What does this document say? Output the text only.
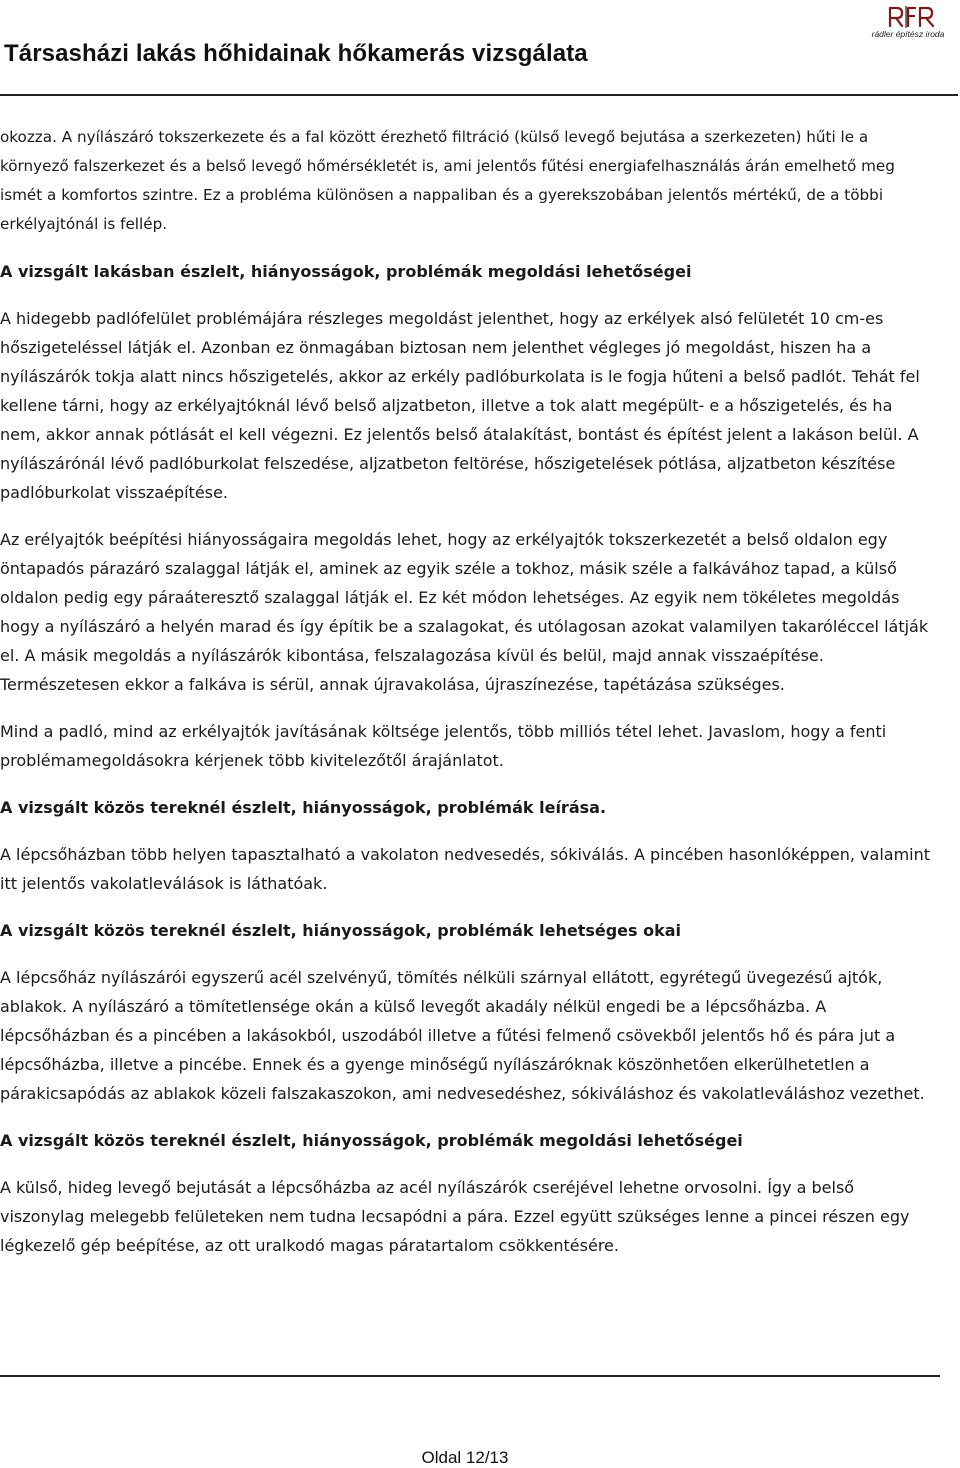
Társasházi lakás hőhidainak hőkamerás vizsgálata
rádler építész iroda

okozza. A nyílászáró tokszerkezete és a fal között érezhető filtráció (külső levegő bejutása a szerkezeten) hűti le a környező falszerkezet és a belső levegő hőmérsékletét is, ami jelentős fűtési energiafelhasználás árán emelhető meg ismét a komfortos szintre. Ez a probléma különösen a nappaliban és a gyerekszobában jelentős mértékű, de a többi erkélyajtónál is fellép.

A vizsgált lakásban észlelt, hiányosságok, problémák megoldási lehetőségei

A hidegebb padlófelület problémájára részleges megoldást jelenthet, hogy az erkélyek alsó felületét 10 cm-es hőszigeteléssel látják el. Azonban ez önmagában biztosan nem jelenthet végleges jó megoldást, hiszen ha a nyílászárók tokja alatt nincs hőszigetelés, akkor az erkély padlóburkolata is le fogja hűteni a belső padlót. Tehát fel kellene tárni, hogy az erkélyajtóknál lévő belső aljzatbeton, illetve a tok alatt megépült- e a hőszigetelés, és ha nem, akkor annak pótlását el kell végezni. Ez jelentős belső átalakítást, bontást és építést jelent a lakáson belül. A nyílászárónál lévő padlóburkolat felszedése, aljzatbeton feltörése, hőszigetelések pótlása, aljzatbeton készítése padlóburkolat visszaépítése.

Az erélyajtók beépítési hiányosságaira megoldás lehet, hogy az erkélyajtók tokszerkezetét a belső oldalon egy öntapadós párazáró szalaggal látják el, aminek az egyik széle a tokhoz, másik széle a falkávához tapad, a külső oldalon pedig egy páraáteresztő szalaggal látják el. Ez két módon lehetséges. Az egyik nem tökéletes megoldás hogy a nyílászáró a helyén marad és így építik be a szalagokat, és utólagosan azokat valamilyen takaróléccel látják el. A másik megoldás a nyílászárók kibontása, felszalagozása kívül és belül, majd annak visszaépítése. Természetesen ekkor a falkáva is sérül, annak újravakolása, újraszínezése, tapétázása szükséges.

Mind a padló, mind az erkélyajtók javításának költsége jelentős, több milliós tétel lehet. Javaslom, hogy a fenti problémamegoldásokra kérjenek több kivitelezőtől árajánlatot.

A vizsgált közös tereknél észlelt, hiányosságok, problémák leírása.

A lépcsőházban több helyen tapasztalható a vakolaton nedvesedés, sókiválás. A pincében hasonlóképpen, valamint itt jelentős vakolatleválások is láthatóak.

A vizsgált közös tereknél észlelt, hiányosságok, problémák lehetséges okai

A lépcsőház nyílászárói egyszerű acél szelvényű, tömítés nélküli szárnyal ellátott, egyrétegű üvegezésű ajtók, ablakok. A nyílászáró a tömítetlensége okán a külső levegőt akadály nélkül engedi be a lépcsőházba. A lépcsőházban és a pincében a lakásokból, uszodából illetve a fűtési felmenő csövekből jelentős hő és pára jut a lépcsőházba, illetve a pincébe. Ennek és a gyenge minőségű nyílászáróknak köszönhetően elkerülhetetlen a párakicsapódás az ablakok közeli falszakaszokon, ami nedvesedéshez, sókiváláshoz és vakolatleváláshoz vezethet.

A vizsgált közös tereknél észlelt, hiányosságok, problémák megoldási lehetőségei

A külső, hideg levegő bejutását a lépcsőházba az acél nyílászárók cseréjével lehetne orvosolni. Így a belső viszonylag melegebb felületeken nem tudna lecsapódni a pára. Ezzel együtt szükséges lenne a pincei részen egy légkezelő gép beépítése, az ott uralkodó magas páratartalom csökkentésére.

Oldal 12/13
